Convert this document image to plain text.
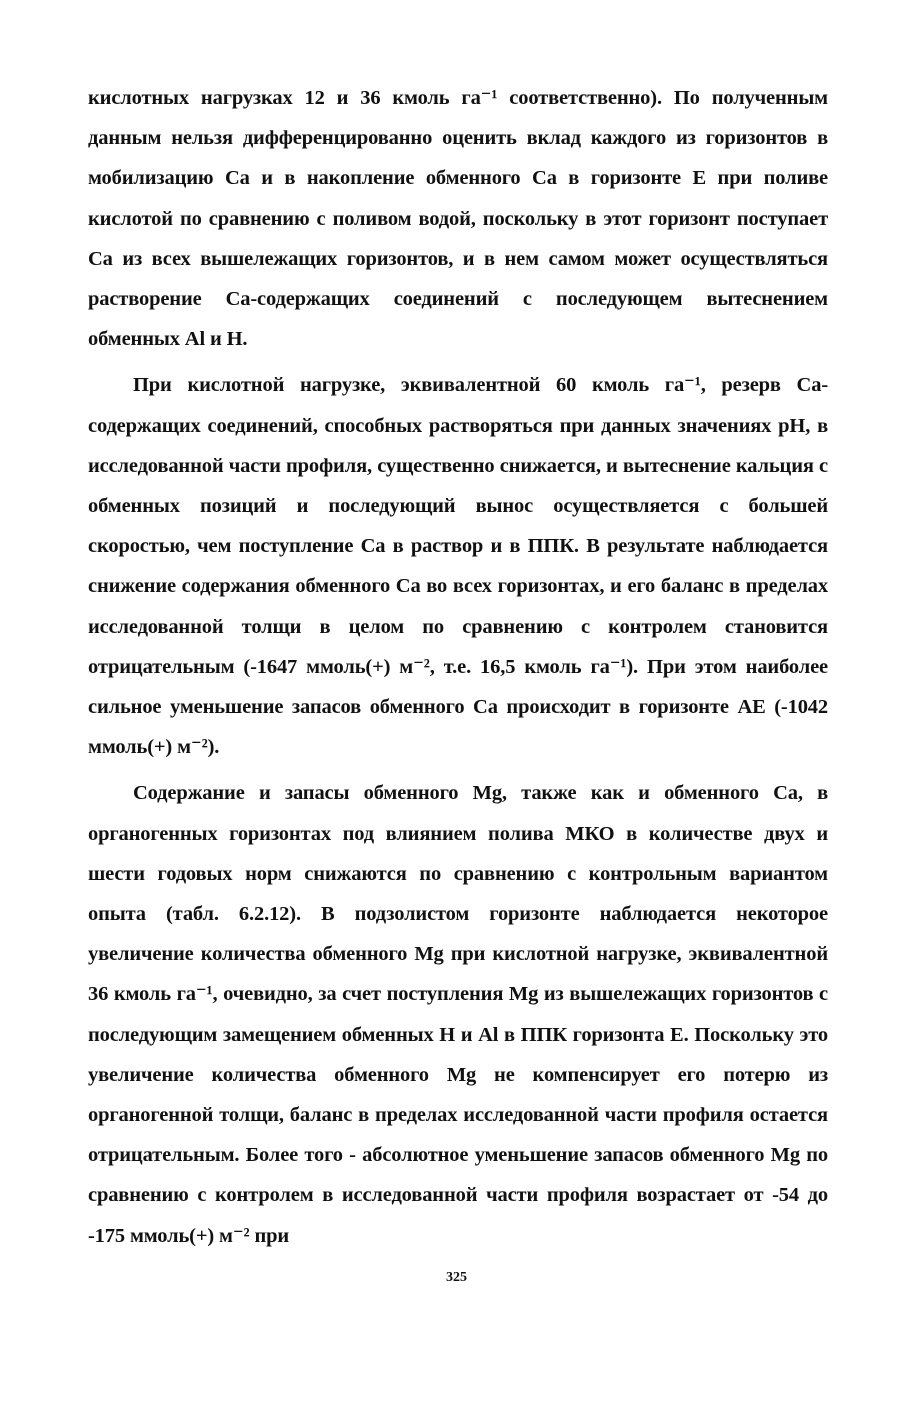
кислотных нагрузках 12 и 36 кмоль га⁻¹ соответственно). По полученным данным нельзя дифференцированно оценить вклад каждого из горизонтов в мобилизацию Са и в накопление обменного Са в горизонте E при поливе кислотой по сравнению с поливом водой, поскольку в этот горизонт поступает Са из всех вышележащих горизонтов, и в нем самом может осуществляться растворение Са-содержащих соединений с последующем вытеснением обменных Al и H.

При кислотной нагрузке, эквивалентной 60 кмоль га⁻¹, резерв Са-содержащих соединений, способных растворяться при данных значениях pH, в исследованной части профиля, существенно снижается, и вытеснение кальция с обменных позиций и последующий вынос осуществляется с большей скоростью, чем поступление Са в раствор и в ППК. В результате наблюдается снижение содержания обменного Са во всех горизонтах, и его баланс в пределах исследованной толщи в целом по сравнению с контролем становится отрицательным (-1647 ммоль(+) м⁻², т.е. 16,5 кмоль га⁻¹). При этом наиболее сильное уменьшение запасов обменного Са происходит в горизонте AE (-1042 ммоль(+) м⁻²).

Содержание и запасы обменного Mg, также как и обменного Са, в органогенных горизонтах под влиянием полива МКО в количестве двух и шести годовых норм снижаются по сравнению с контрольным вариантом опыта (табл. 6.2.12). В подзолистом горизонте наблюдается некоторое увеличение количества обменного Mg при кислотной нагрузке, эквивалентной 36 кмоль га⁻¹, очевидно, за счет поступления Mg из вышележащих горизонтов с последующим замещением обменных H и Al в ППК горизонта E. Поскольку это увеличение количества обменного Mg не компенсирует его потерю из органогенной толщи, баланс в пределах исследованной части профиля остается отрицательным. Более того - абсолютное уменьшение запасов обменного Mg по сравнению с контролем в исследованной части профиля возрастает от -54 до -175 ммоль(+) м⁻² при

325
